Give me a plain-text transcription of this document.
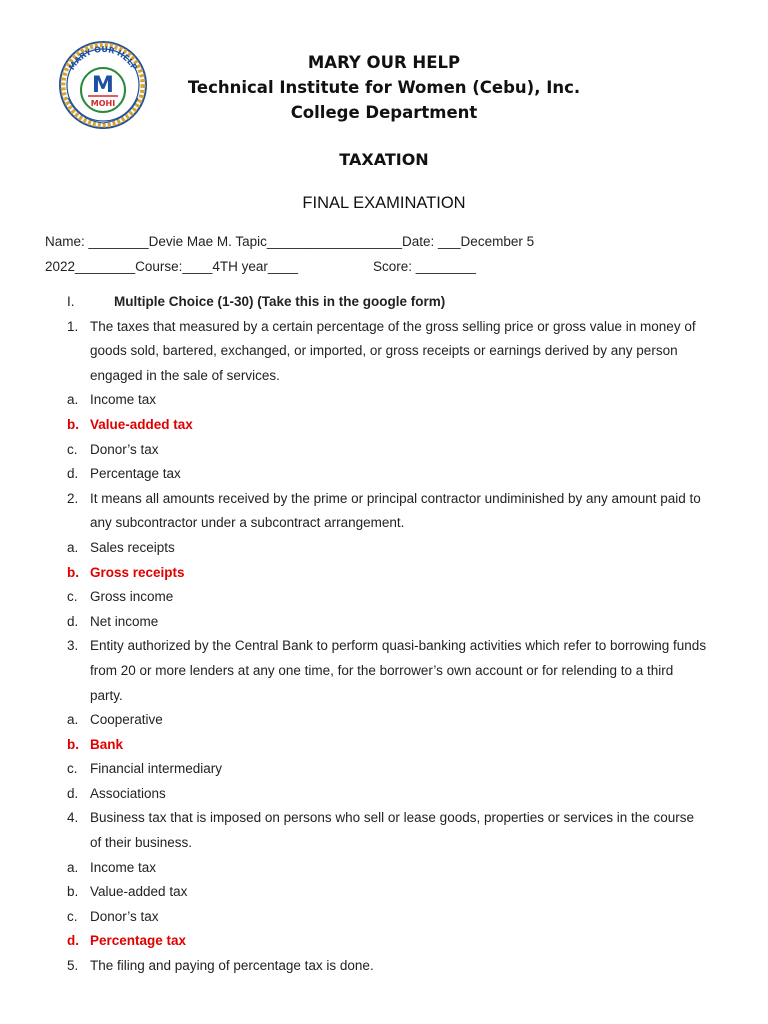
MARY OUR HELP
M
MOHI
MARY OUR HELP
Technical Institute for Women (Cebu), Inc.
College Department
TAXATION
FINAL EXAMINATION
Name: ________Devie Mae M. Tapic__________________Date: ___December 5
2022________Course:____4TH year____	Score: ________
I.	Multiple Choice (1-30) (Take this in the google form)
1. The taxes that measured by a certain percentage of the gross selling price or gross value in money of
goods sold, bartered, exchanged, or imported, or gross receipts or earnings derived by any person
engaged in the sale of services.
a. Income tax
b. Value-added tax
c. Donor’s tax
d. Percentage tax
2. It means all amounts received by the prime or principal contractor undiminished by any amount paid to
any subcontractor under a subcontract arrangement.
a. Sales receipts
b. Gross receipts
c. Gross income
d. Net income
3. Entity authorized by the Central Bank to perform quasi-banking activities which refer to borrowing funds
from 20 or more lenders at any one time, for the borrower’s own account or for relending to a third
party.
a. Cooperative
b. Bank
c. Financial intermediary
d. Associations
4. Business tax that is imposed on persons who sell or lease goods, properties or services in the course
of their business.
a. Income tax
b. Value-added tax
c. Donor’s tax
d. Percentage tax
5. The filing and paying of percentage tax is done.
